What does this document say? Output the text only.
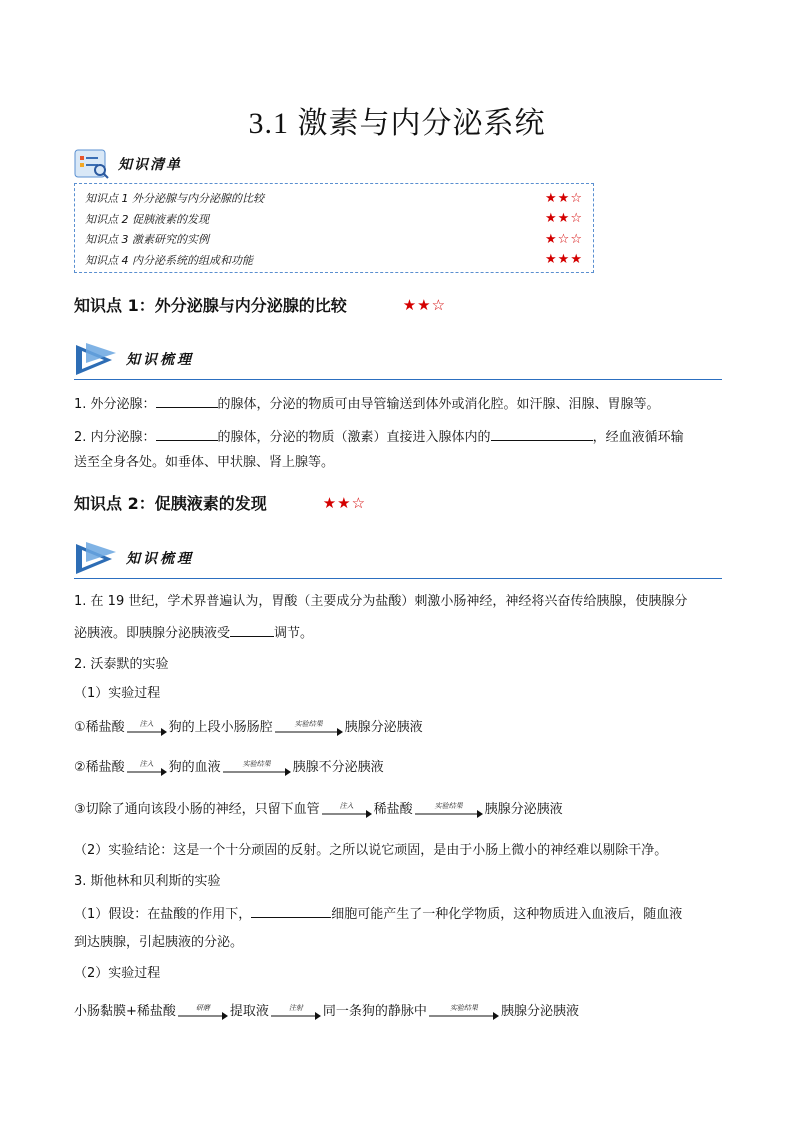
3.1 激素与内分泌系统
知识清单
知识点 1 外分泌腺与内分泌腺的比较	★★☆
知识点 2 促胰液素的发现	★★☆
知识点 3 激素研究的实例	★☆☆
知识点 4 内分泌系统的组成和功能	★★★
知识点 1：外分泌腺与内分泌腺的比较	★★☆
知识梳理
1. 外分泌腺：	的腺体，分泌的物质可由导管输送到体外或消化腔。如汗腺、泪腺、胃腺等。
2. 内分泌腺：	的腺体，分泌的物质（激素）直接进入腺体内的	，经血液循环输
送至全身各处。如垂体、甲状腺、肾上腺等。
知识点 2：促胰液素的发现	★★☆
知识梳理
1. 在 19 世纪，学术界普遍认为，胃酸（主要成分为盐酸）刺激小肠神经，神经将兴奋传给胰腺，使胰腺分
泌胰液。即胰腺分泌胰液受	调节。
2. 沃泰默的实验
（1）实验过程
①稀盐酸 注入 狗的上段小肠肠腔	实验结果 胰腺分泌胰液
②稀盐酸 注入 狗的血液	实验结果 胰腺不分泌胰液
③切除了通向该段小肠的神经，只留下血管	注入 稀盐酸	实验结果 胰腺分泌胰液
（2）实验结论：这是一个十分顽固的反射。之所以说它顽固，是由于小肠上微小的神经难以剔除干净。
3. 斯他林和贝利斯的实验
（1）假设：在盐酸的作用下，	细胞可能产生了一种化学物质，这种物质进入血液后，随血液
到达胰腺，引起胰液的分泌。
（2）实验过程
小肠黏膜+稀盐酸	研磨 提取液	注射 同一条狗的静脉中	实验结果 胰腺分泌胰液
